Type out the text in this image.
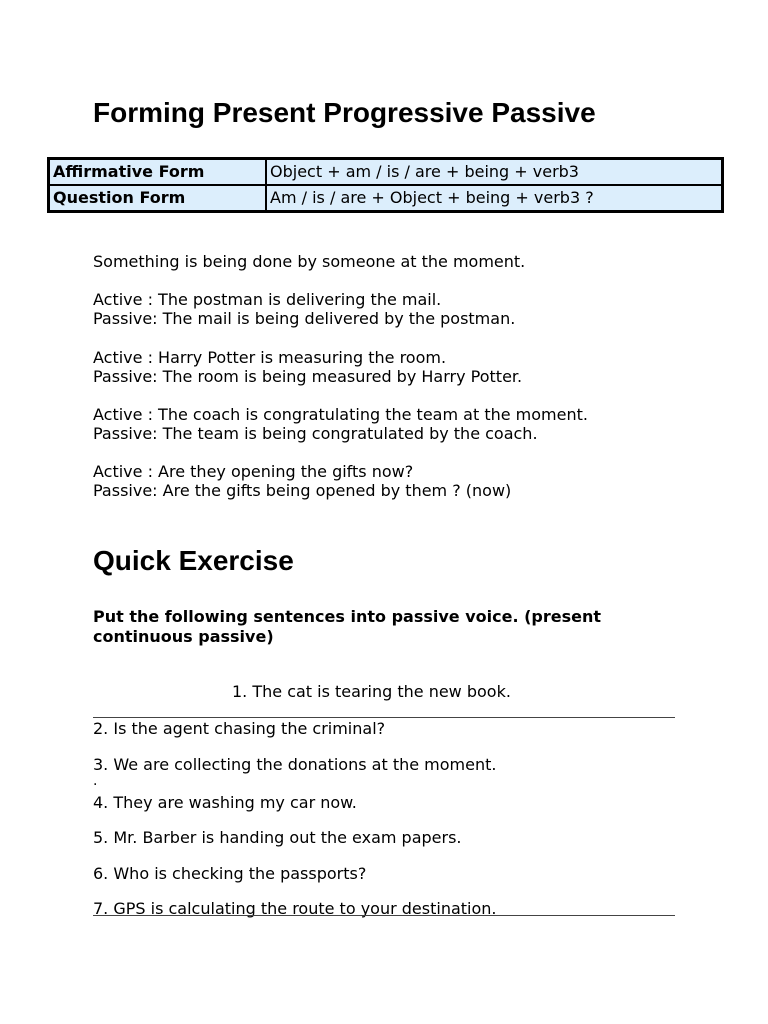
Forming Present Progressive Passive
Affirmative Form	Object + am / is / are + being + verb3
Question Form	Am / is / are + Object + being + verb3 ?
Something is being done by someone at the moment.
Active : The postman is delivering the mail.
Passive: The mail is being delivered by the postman.
Active : Harry Potter is measuring the room.
Passive: The room is being measured by Harry Potter.
Active : The coach is congratulating the team at the moment.
Passive: The team is being congratulated by the coach.
Active : Are they opening the gifts now?
Passive: Are the gifts being opened by them ? (now)
Quick Exercise
Put the following sentences into passive voice. (present continuous passive)
1. The cat is tearing the new book.
2. Is the agent chasing the criminal?
3. We are collecting the donations at the moment.
.
4. They are washing my car now.
5. Mr. Barber is handing out the exam papers.
6. Who is checking the passports?
7. GPS is calculating the route to your destination.
